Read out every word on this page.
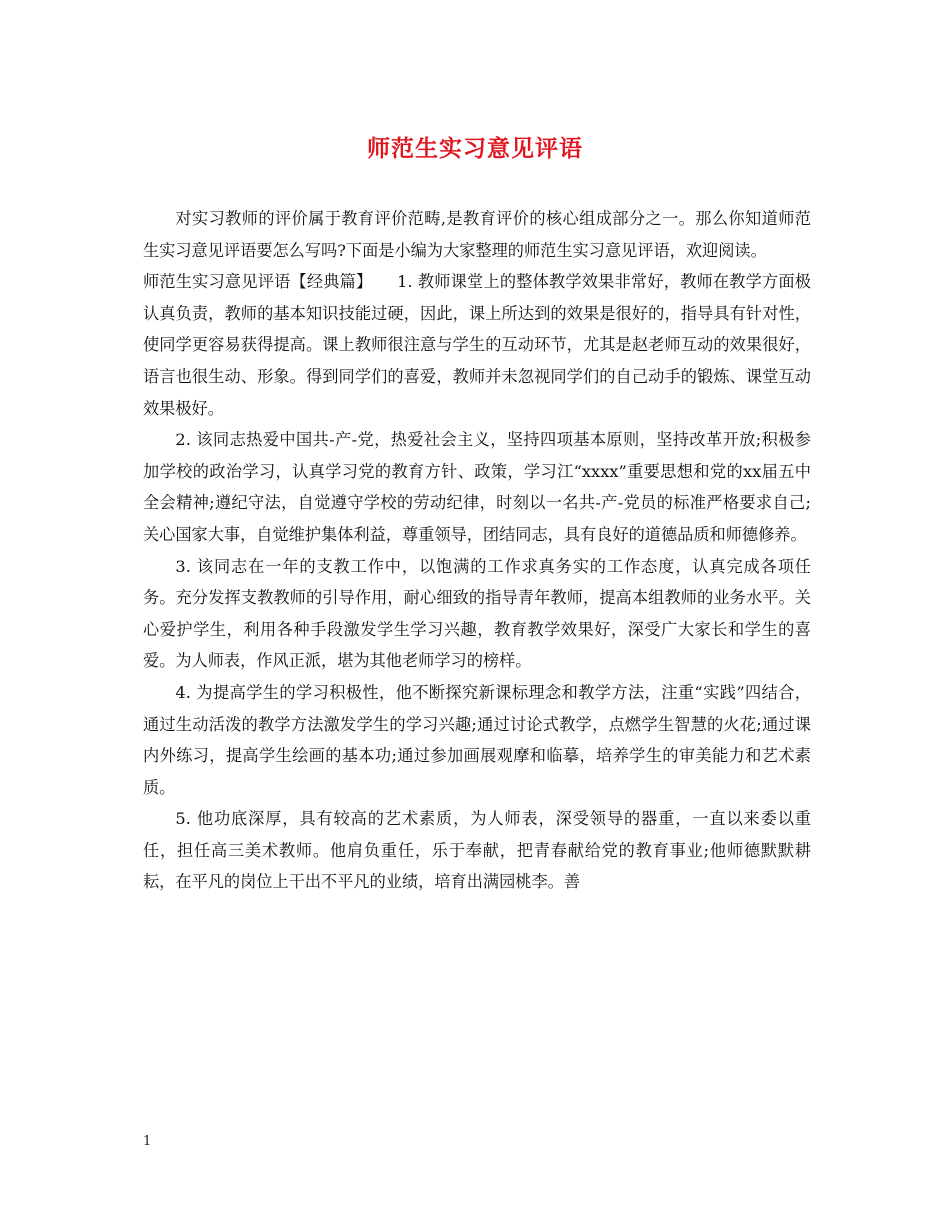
师范生实习意见评语

对实习教师的评价属于教育评价范畴,是教育评价的核心组成部分之一。那么你知道师范生实习意见评语要怎么写吗?下面是小编为大家整理的师范生实习意见评语，欢迎阅读。

师范生实习意见评语【经典篇】　　1. 教师课堂上的整体教学效果非常好，教师在教学方面极认真负责，教师的基本知识技能过硬，因此，课上所达到的效果是很好的，指导具有针对性，使同学更容易获得提高。课上教师很注意与学生的互动环节，尤其是赵老师互动的效果很好，语言也很生动、形象。得到同学们的喜爱，教师并未忽视同学们的自己动手的锻炼、课堂互动效果极好。

2. 该同志热爱中国共-产-党，热爱社会主义，坚持四项基本原则，坚持改革开放;积极参加学校的政治学习，认真学习党的教育方针、政策，学习江“xxxx”重要思想和党的xx届五中全会精神;遵纪守法，自觉遵守学校的劳动纪律，时刻以一名共-产-党员的标准严格要求自己;关心国家大事，自觉维护集体利益，尊重领导，团结同志，具有良好的道德品质和师德修养。

3. 该同志在一年的支教工作中，以饱满的工作求真务实的工作态度，认真完成各项任务。充分发挥支教教师的引导作用，耐心细致的指导青年教师，提高本组教师的业务水平。关心爱护学生，利用各种手段激发学生学习兴趣，教育教学效果好，深受广大家长和学生的喜爱。为人师表，作风正派，堪为其他老师学习的榜样。

4. 为提高学生的学习积极性，他不断探究新课标理念和教学方法，注重“实践”四结合，通过生动活泼的教学方法激发学生的学习兴趣;通过讨论式教学，点燃学生智慧的火花;通过课内外练习，提高学生绘画的基本功;通过参加画展观摩和临摹，培养学生的审美能力和艺术素质。

5. 他功底深厚，具有较高的艺术素质，为人师表，深受领导的器重，一直以来委以重任，担任高三美术教师。他肩负重任，乐于奉献，把青春献给党的教育事业;他师德默默耕耘，在平凡的岗位上干出不平凡的业绩，培育出满园桃李。善

1
